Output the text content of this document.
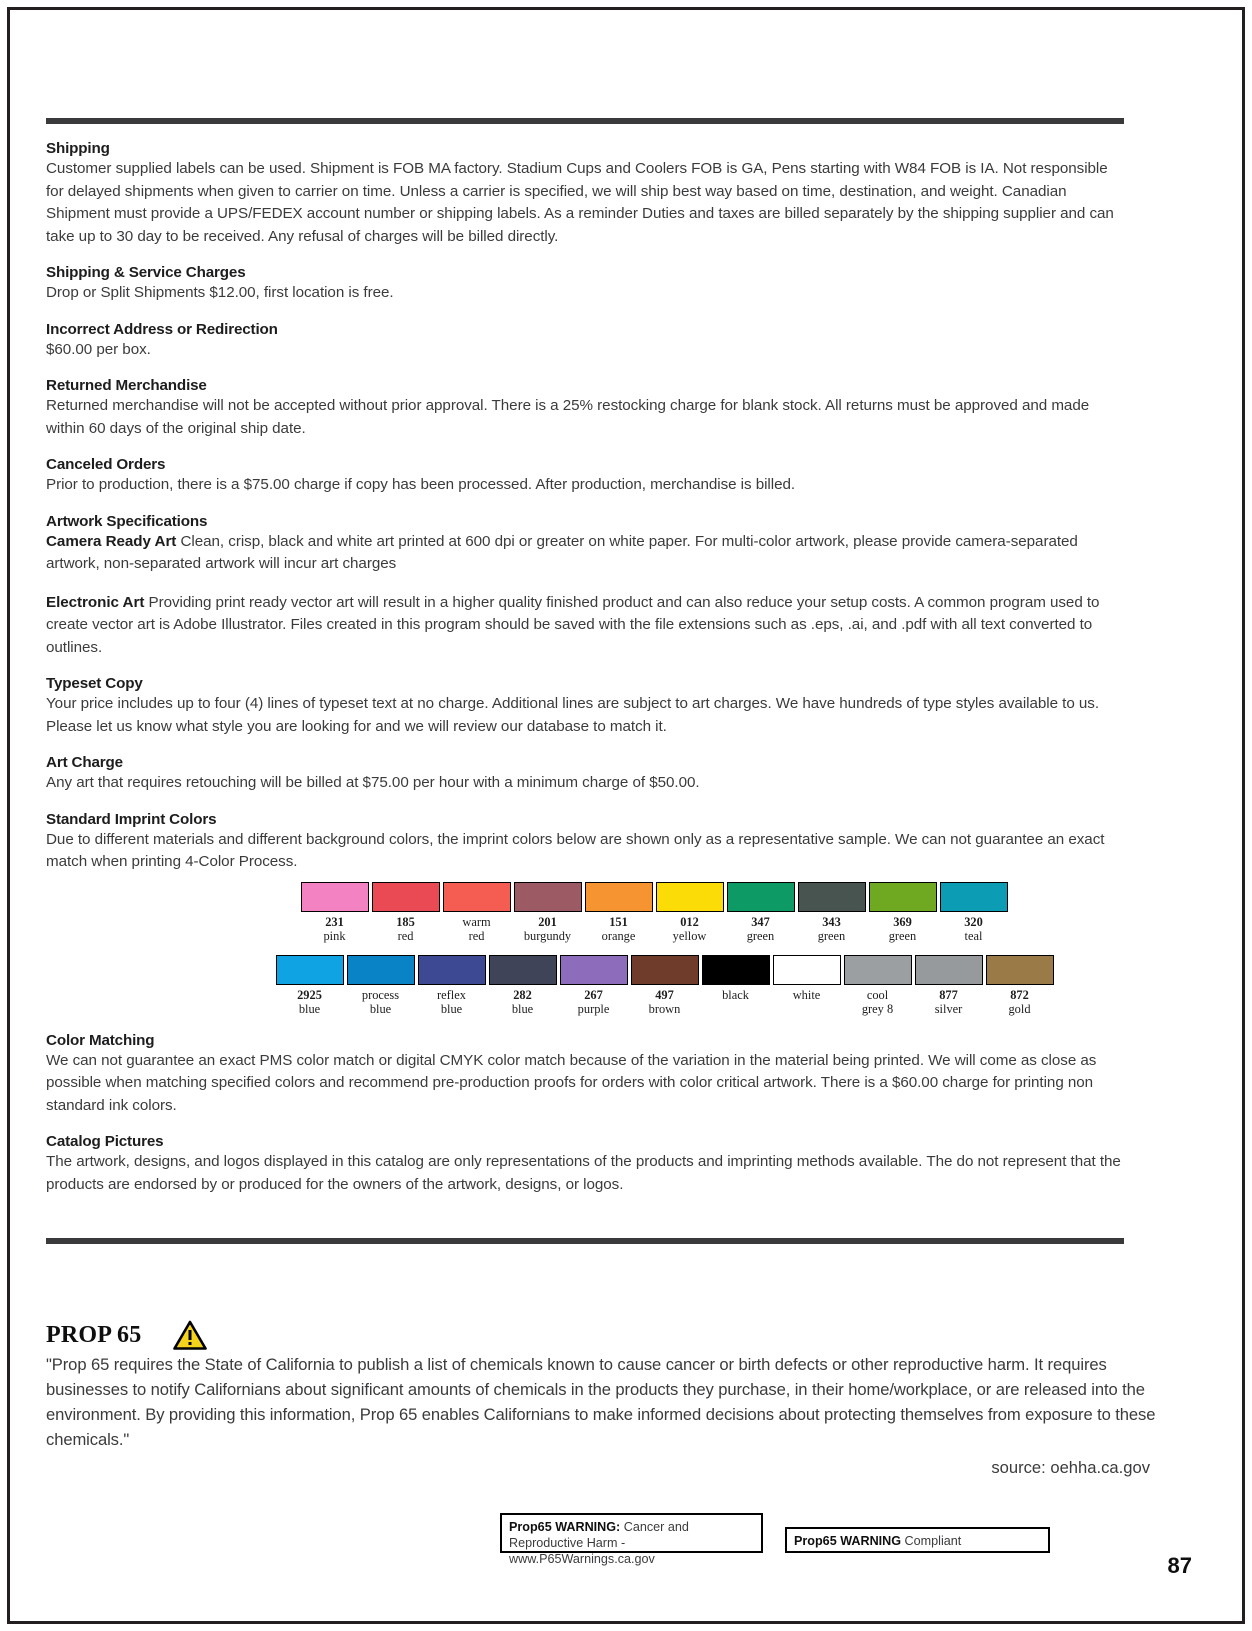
Shipping

Customer supplied labels can be used. Shipment is FOB MA factory. Stadium Cups and Coolers FOB is GA, Pens starting with W84 FOB is IA. Not responsible for delayed shipments when given to carrier on time. Unless a carrier is specified, we will ship best way based on time, destination, and weight. Canadian Shipment must provide a UPS/FEDEX account number or shipping labels. As a reminder Duties and taxes are billed separately by the shipping supplier and can take up to 30 day to be received. Any refusal of charges will be billed directly.

Shipping & Service Charges

Drop or Split Shipments $12.00, first location is free.

Incorrect Address or Redirection

$60.00 per box.

Returned Merchandise

Returned merchandise will not be accepted without prior approval. There is a 25% restocking charge for blank stock. All returns must be approved and made within 60 days of the original ship date.

Canceled Orders

Prior to production, there is a $75.00 charge if copy has been processed. After production, merchandise is billed.

Artwork Specifications

Camera Ready Art Clean, crisp, black and white art printed at 600 dpi or greater on white paper. For multi-color artwork, please provide camera-separated artwork, non-separated artwork will incur art charges

Electronic Art Providing print ready vector art will result in a higher quality finished product and can also reduce your setup costs. A common program used to create vector art is Adobe Illustrator. Files created in this program should be saved with the file extensions such as .eps, .ai, and .pdf with all text converted to outlines.

Typeset Copy

Your price includes up to four (4) lines of typeset text at no charge. Additional lines are subject to art charges. We have hundreds of type styles available to us. Please let us know what style you are looking for and we will review our database to match it.

Art Charge

Any art that requires retouching will be billed at $75.00 per hour with a minimum charge of $50.00.

Standard Imprint Colors

Due to different materials and different background colors, the imprint colors below are shown only as a representative sample. We can not guarantee an exact match when printing 4-Color Process.

231
pink
185
red
warm
red
201
burgundy
151
orange
012
yellow
347
green
343
green
369
green
320
teal
2925
blue
process
blue
reflex
blue
282
blue
267
purple
497
brown
black	white	cool
grey 8
877
silver
872
gold
Color Matching

We can not guarantee an exact PMS color match or digital CMYK color match because of the variation in the material being printed. We will come as close as possible when matching specified colors and recommend pre-production proofs for orders with color critical artwork. There is a $60.00 charge for printing non standard ink colors.

Catalog Pictures

The artwork, designs, and logos displayed in this catalog are only representations of the products and imprinting methods available. The do not represent that the products are endorsed by or produced for the owners of the artwork, designs, or logos.

PROP 65

"Prop 65 requires the State of California to publish a list of chemicals known to cause cancer or birth defects or other reproductive harm. It requires businesses to notify Californians about significant amounts of chemicals in the products they purchase, in their home/workplace, or are released into the environment. By providing this information, Prop 65 enables Californians to make informed decisions about protecting themselves from exposure to these chemicals."

source: oehha.ca.gov
Prop65 WARNING: Cancer and Reproductive Harm - www.P65Warnings.ca.gov
Prop65 WARNING Compliant
87
